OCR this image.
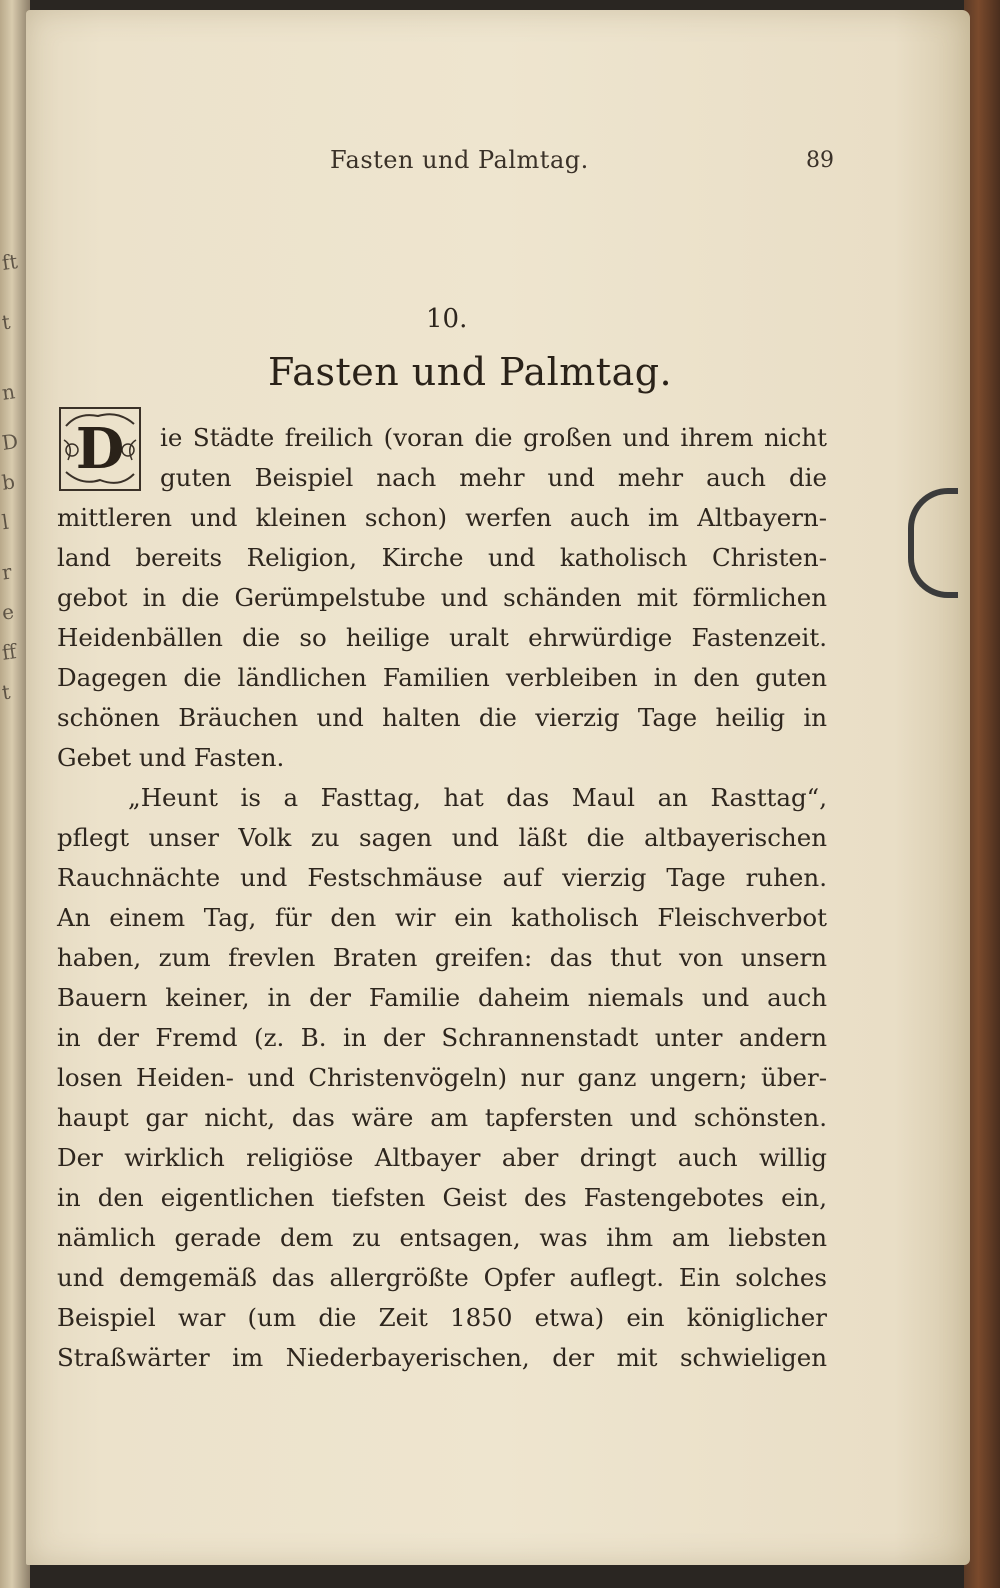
ft
t
n
D
b
l
r
e
ff
t
Fasten und Palmtag.	89
10.
Fasten und Palmtag.
D ie Städte freilich (voran die großen und ihrem nicht
guten Beispiel nach mehr und mehr auch die
mittleren und kleinen schon) werfen auch im Altbayern-
land bereits Religion, Kirche und katholisch Christen-
gebot in die Gerümpelstube und schänden mit förmlichen
Heidenbällen die so heilige uralt ehrwürdige Fastenzeit.
Dagegen die ländlichen Familien verbleiben in den guten
schönen Bräuchen und halten die vierzig Tage heilig in
Gebet und Fasten.
„Heunt is a Fasttag, hat das Maul an Rasttag“,
pflegt unser Volk zu sagen und läßt die altbayerischen
Rauchnächte und Festschmäuse auf vierzig Tage ruhen.
An einem Tag, für den wir ein katholisch Fleischverbot
haben, zum frevlen Braten greifen: das thut von unsern
Bauern keiner, in der Familie daheim niemals und auch
in der Fremd (z. B. in der Schrannenstadt unter andern
losen Heiden- und Christenvögeln) nur ganz ungern; über-
haupt gar nicht, das wäre am tapfersten und schönsten.
Der wirklich religiöse Altbayer aber dringt auch willig
in den eigentlichen tiefsten Geist des Fastengebotes ein,
nämlich gerade dem zu entsagen, was ihm am liebsten
und demgemäß das allergrößte Opfer auflegt. Ein solches
Beispiel war (um die Zeit 1850 etwa) ein königlicher
Straßwärter im Niederbayerischen, der mit schwieligen
